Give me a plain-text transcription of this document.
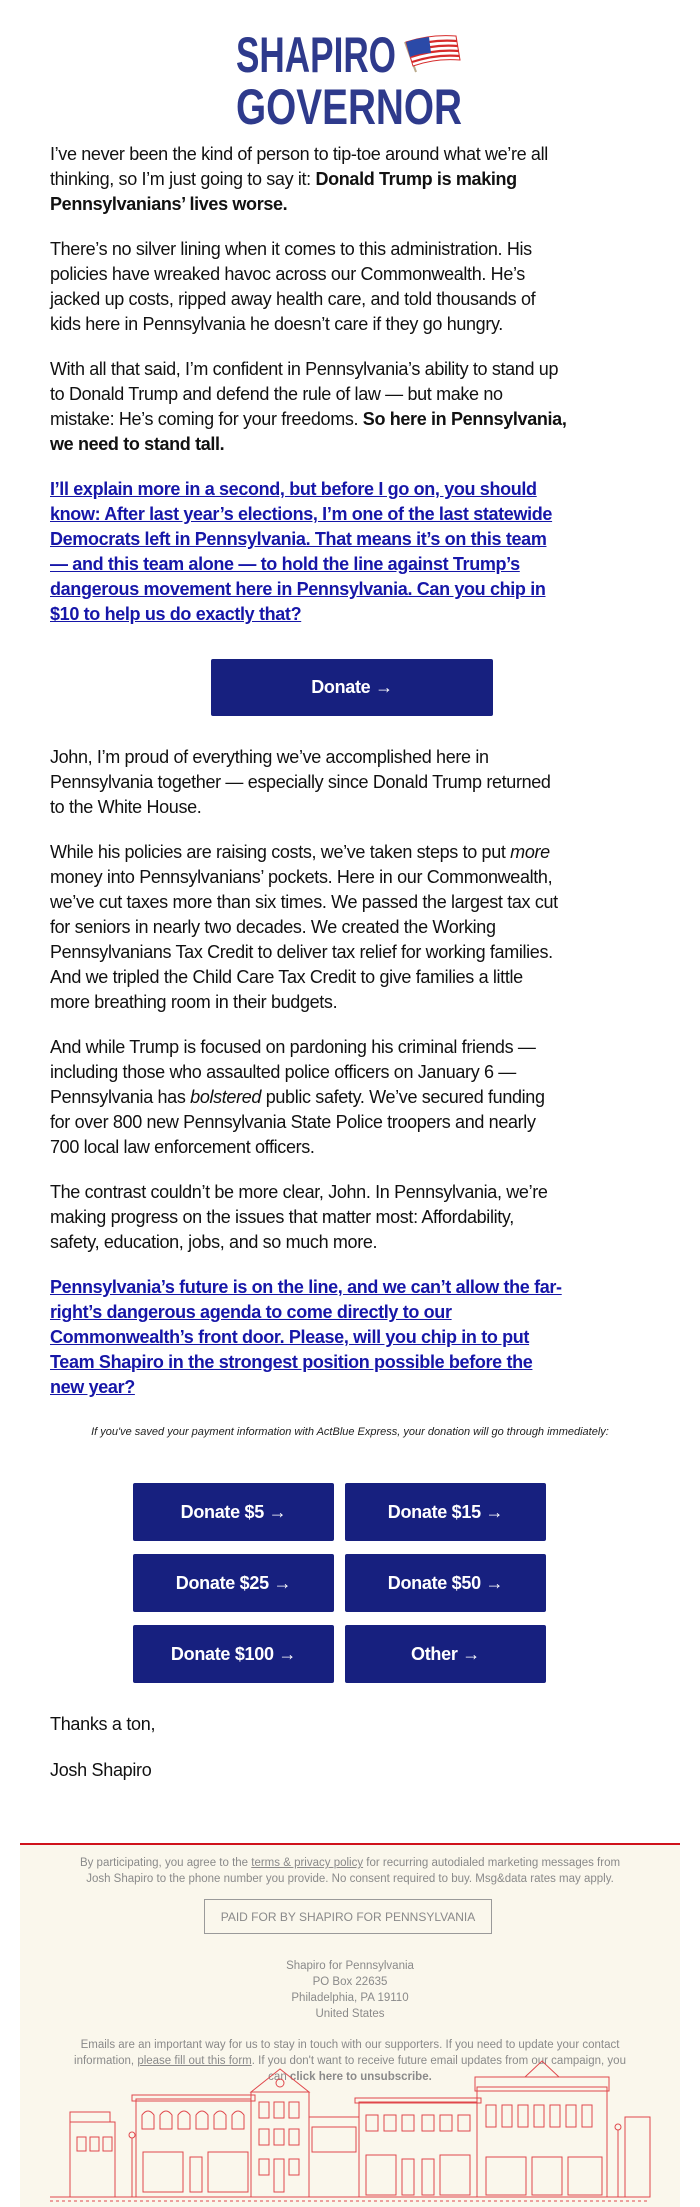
SHAPIRO
GOVERNOR

I’ve never been the kind of person to tip-toe around what we’re all
thinking, so I’m just going to say it: Donald Trump is making
Pennsylvanians’ lives worse.

There’s no silver lining when it comes to this administration. His
policies have wreaked havoc across our Commonwealth. He’s
jacked up costs, ripped away health care, and told thousands of
kids here in Pennsylvania he doesn’t care if they go hungry.

With all that said, I’m confident in Pennsylvania’s ability to stand up
to Donald Trump and defend the rule of law — but make no
mistake: He’s coming for your freedoms. So here in Pennsylvania,
we need to stand tall.

I’ll explain more in a second, but before I go on, you should
know: After last year’s elections, I’m one of the last statewide
Democrats left in Pennsylvania. That means it’s on this team
— and this team alone — to hold the line against Trump’s
dangerous movement here in Pennsylvania. Can you chip in
$10 to help us do exactly that?

Donate →

John, I’m proud of everything we’ve accomplished here in
Pennsylvania together — especially since Donald Trump returned
to the White House.

While his policies are raising costs, we’ve taken steps to put more
money into Pennsylvanians’ pockets. Here in our Commonwealth,
we’ve cut taxes more than six times. We passed the largest tax cut
for seniors in nearly two decades. We created the Working
Pennsylvanians Tax Credit to deliver tax relief for working families.
And we tripled the Child Care Tax Credit to give families a little
more breathing room in their budgets.

And while Trump is focused on pardoning his criminal friends —
including those who assaulted police officers on January 6 —
Pennsylvania has bolstered public safety. We’ve secured funding
for over 800 new Pennsylvania State Police troopers and nearly
700 local law enforcement officers.

The contrast couldn’t be more clear, John. In Pennsylvania, we’re
making progress on the issues that matter most: Affordability,
safety, education, jobs, and so much more.

Pennsylvania’s future is on the line, and we can’t allow the far-
right’s dangerous agenda to come directly to our
Commonwealth’s front door. Please, will you chip in to put
Team Shapiro in the strongest position possible before the
new year?

If you've saved your payment information with ActBlue Express, your donation will go through immediately:
Donate $5 →	Donate $15 →
Donate $25 →	Donate $50 →
Donate $100 →	Other →
Thanks a ton,
Josh Shapiro
By participating, you agree to the terms & privacy policy for recurring autodialed marketing messages from Josh Shapiro to the phone number you provide. No consent required to buy. Msg&data rates may apply.
PAID FOR BY SHAPIRO FOR PENNSYLVANIA
Shapiro for Pennsylvania
PO Box 22635
Philadelphia, PA 19110
United States
Emails are an important way for us to stay in touch with our supporters. If you need to update your contact information, please fill out this form. If you don't want to receive future email updates from our campaign, you can click here to unsubscribe.
